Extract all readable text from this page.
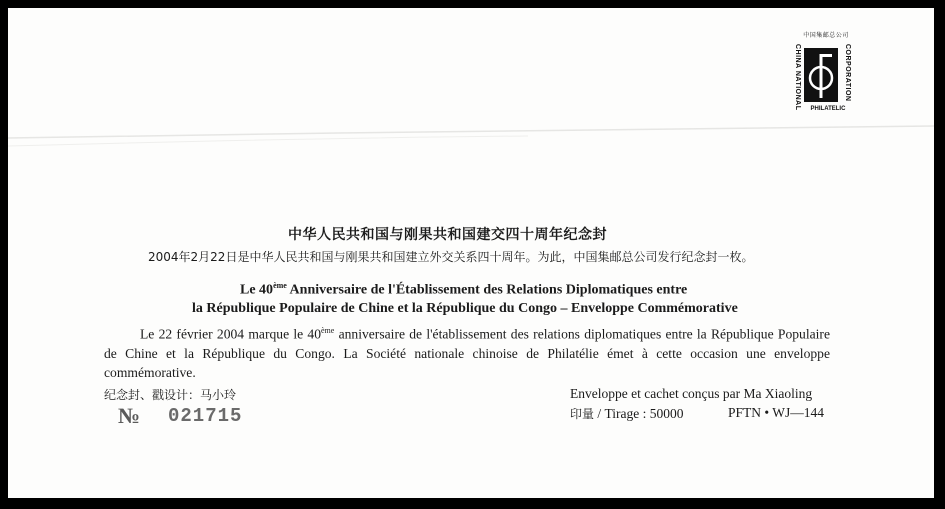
中国集邮总公司
CHINA NATIONAL	CORPORATION
PHILATELIC
中华人民共和国与刚果共和国建交四十周年纪念封
2004年2月22日是中华人民共和国与刚果共和国建立外交关系四十周年。为此，中国集邮总公司发行纪念封一枚。
Le 40ème Anniversaire de l'Établissement des Relations Diplomatiques entre
la République Populaire de Chine et la République du Congo – Enveloppe Commémorative
Le 22 février 2004 marque le 40ème anniversaire de l'établissement des relations diplomatiques entre la République Populaire de Chine et la République du Congo. La Société nationale chinoise de Philatélie émet à cette occasion une enveloppe commémorative.
纪念封、戳设计：马小玲	Enveloppe et cachet conçus par Ma Xiaoling
№ 021715	印量 / Tirage : 50000	PFTN • WJ—144
